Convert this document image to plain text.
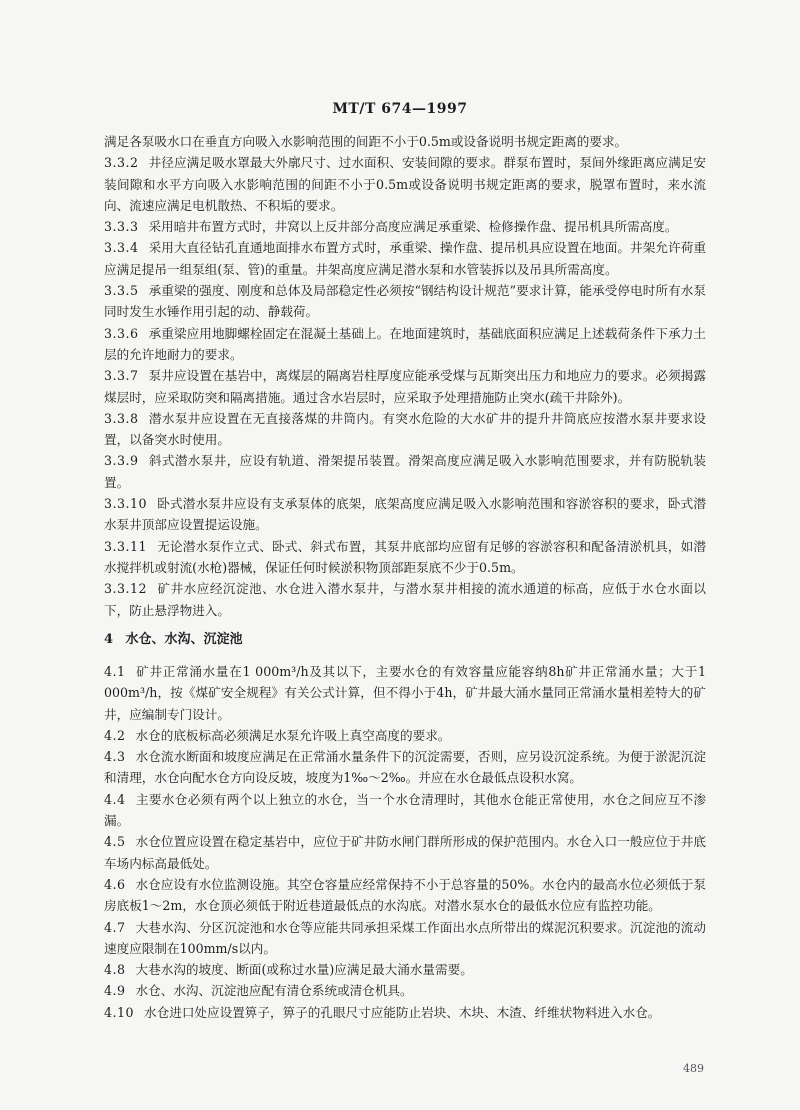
MT/T 674—1997

满足各泵吸水口在垂直方向吸入水影响范围的间距不小于0.5m或设备说明书规定距离的要求。

3.3.2 井径应满足吸水罩最大外廓尺寸、过水面积、安装间隙的要求。群泵布置时，泵间外缘距离应满足安装间隙和水平方向吸入水影响范围的间距不小于0.5m或设备说明书规定距离的要求，脱罩布置时，来水流向、流速应满足电机散热、不积垢的要求。

3.3.3 采用暗井布置方式时，井窝以上反井部分高度应满足承重梁、检修操作盘、提吊机具所需高度。

3.3.4 采用大直径钻孔直通地面排水布置方式时，承重梁、操作盘、提吊机具应设置在地面。井架允许荷重应满足提吊一组泵组(泵、管)的重量。井架高度应满足潜水泵和水管装拆以及吊具所需高度。

3.3.5 承重梁的强度、刚度和总体及局部稳定性必须按“钢结构设计规范”要求计算，能承受停电时所有水泵同时发生水锤作用引起的动、静载荷。

3.3.6 承重梁应用地脚螺栓固定在混凝土基础上。在地面建筑时，基础底面积应满足上述载荷条件下承力土层的允许地耐力的要求。

3.3.7 泵井应设置在基岩中，离煤层的隔离岩柱厚度应能承受煤与瓦斯突出压力和地应力的要求。必须揭露煤层时，应采取防突和隔离措施。通过含水岩层时，应采取予处理措施防止突水(疏干井除外)。

3.3.8 潜水泵井应设置在无直接落煤的井筒内。有突水危险的大水矿井的提升井筒底应按潜水泵井要求设置，以备突水时使用。

3.3.9 斜式潜水泵井，应设有轨道、滑架提吊装置。滑架高度应满足吸入水影响范围要求，并有防脱轨装置。

3.3.10 卧式潜水泵井应设有支承泵体的底架，底架高度应满足吸入水影响范围和容淤容积的要求，卧式潜水泵井顶部应设置提运设施。

3.3.11 无论潜水泵作立式、卧式、斜式布置，其泵井底部均应留有足够的容淤容积和配备清淤机具，如潜水搅拌机或射流(水枪)器械，保证任何时候淤积物顶部距泵底不少于0.5m。

3.3.12 矿井水应经沉淀池、水仓进入潜水泵井，与潜水泵井相接的流水通道的标高，应低于水仓水面以下，防止悬浮物进入。

4 水仓、水沟、沉淀池

4.1 矿井正常涌水量在1 000m³/h及其以下，主要水仓的有效容量应能容纳8h矿井正常涌水量；大于1 000m³/h，按《煤矿安全规程》有关公式计算，但不得小于4h，矿井最大涌水量同正常涌水量相差特大的矿井，应编制专门设计。

4.2 水仓的底板标高必须满足水泵允许吸上真空高度的要求。

4.3 水仓流水断面和坡度应满足在正常涌水量条件下的沉淀需要，否则，应另设沉淀系统。为便于淤泥沉淀和清理，水仓向配水仓方向设反坡，坡度为1‰～2‰。并应在水仓最低点设积水窝。

4.4 主要水仓必须有两个以上独立的水仓，当一个水仓清理时，其他水仓能正常使用，水仓之间应互不渗漏。

4.5 水仓位置应设置在稳定基岩中，应位于矿井防水闸门群所形成的保护范围内。水仓入口一般应位于井底车场内标高最低处。

4.6 水仓应设有水位监测设施。其空仓容量应经常保持不小于总容量的50%。水仓内的最高水位必须低于泵房底板1～2m，水仓顶必须低于附近巷道最低点的水沟底。对潜水泵水仓的最低水位应有监控功能。

4.7 大巷水沟、分区沉淀池和水仓等应能共同承担采煤工作面出水点所带出的煤泥沉积要求。沉淀池的流动速度应限制在100mm/s以内。

4.8 大巷水沟的坡度、断面(或称过水量)应满足最大涌水量需要。

4.9 水仓、水沟、沉淀池应配有清仓系统或清仓机具。

4.10 水仓进口处应设置箅子，箅子的孔眼尺寸应能防止岩块、木块、木渣、纤维状物料进入水仓。

489
